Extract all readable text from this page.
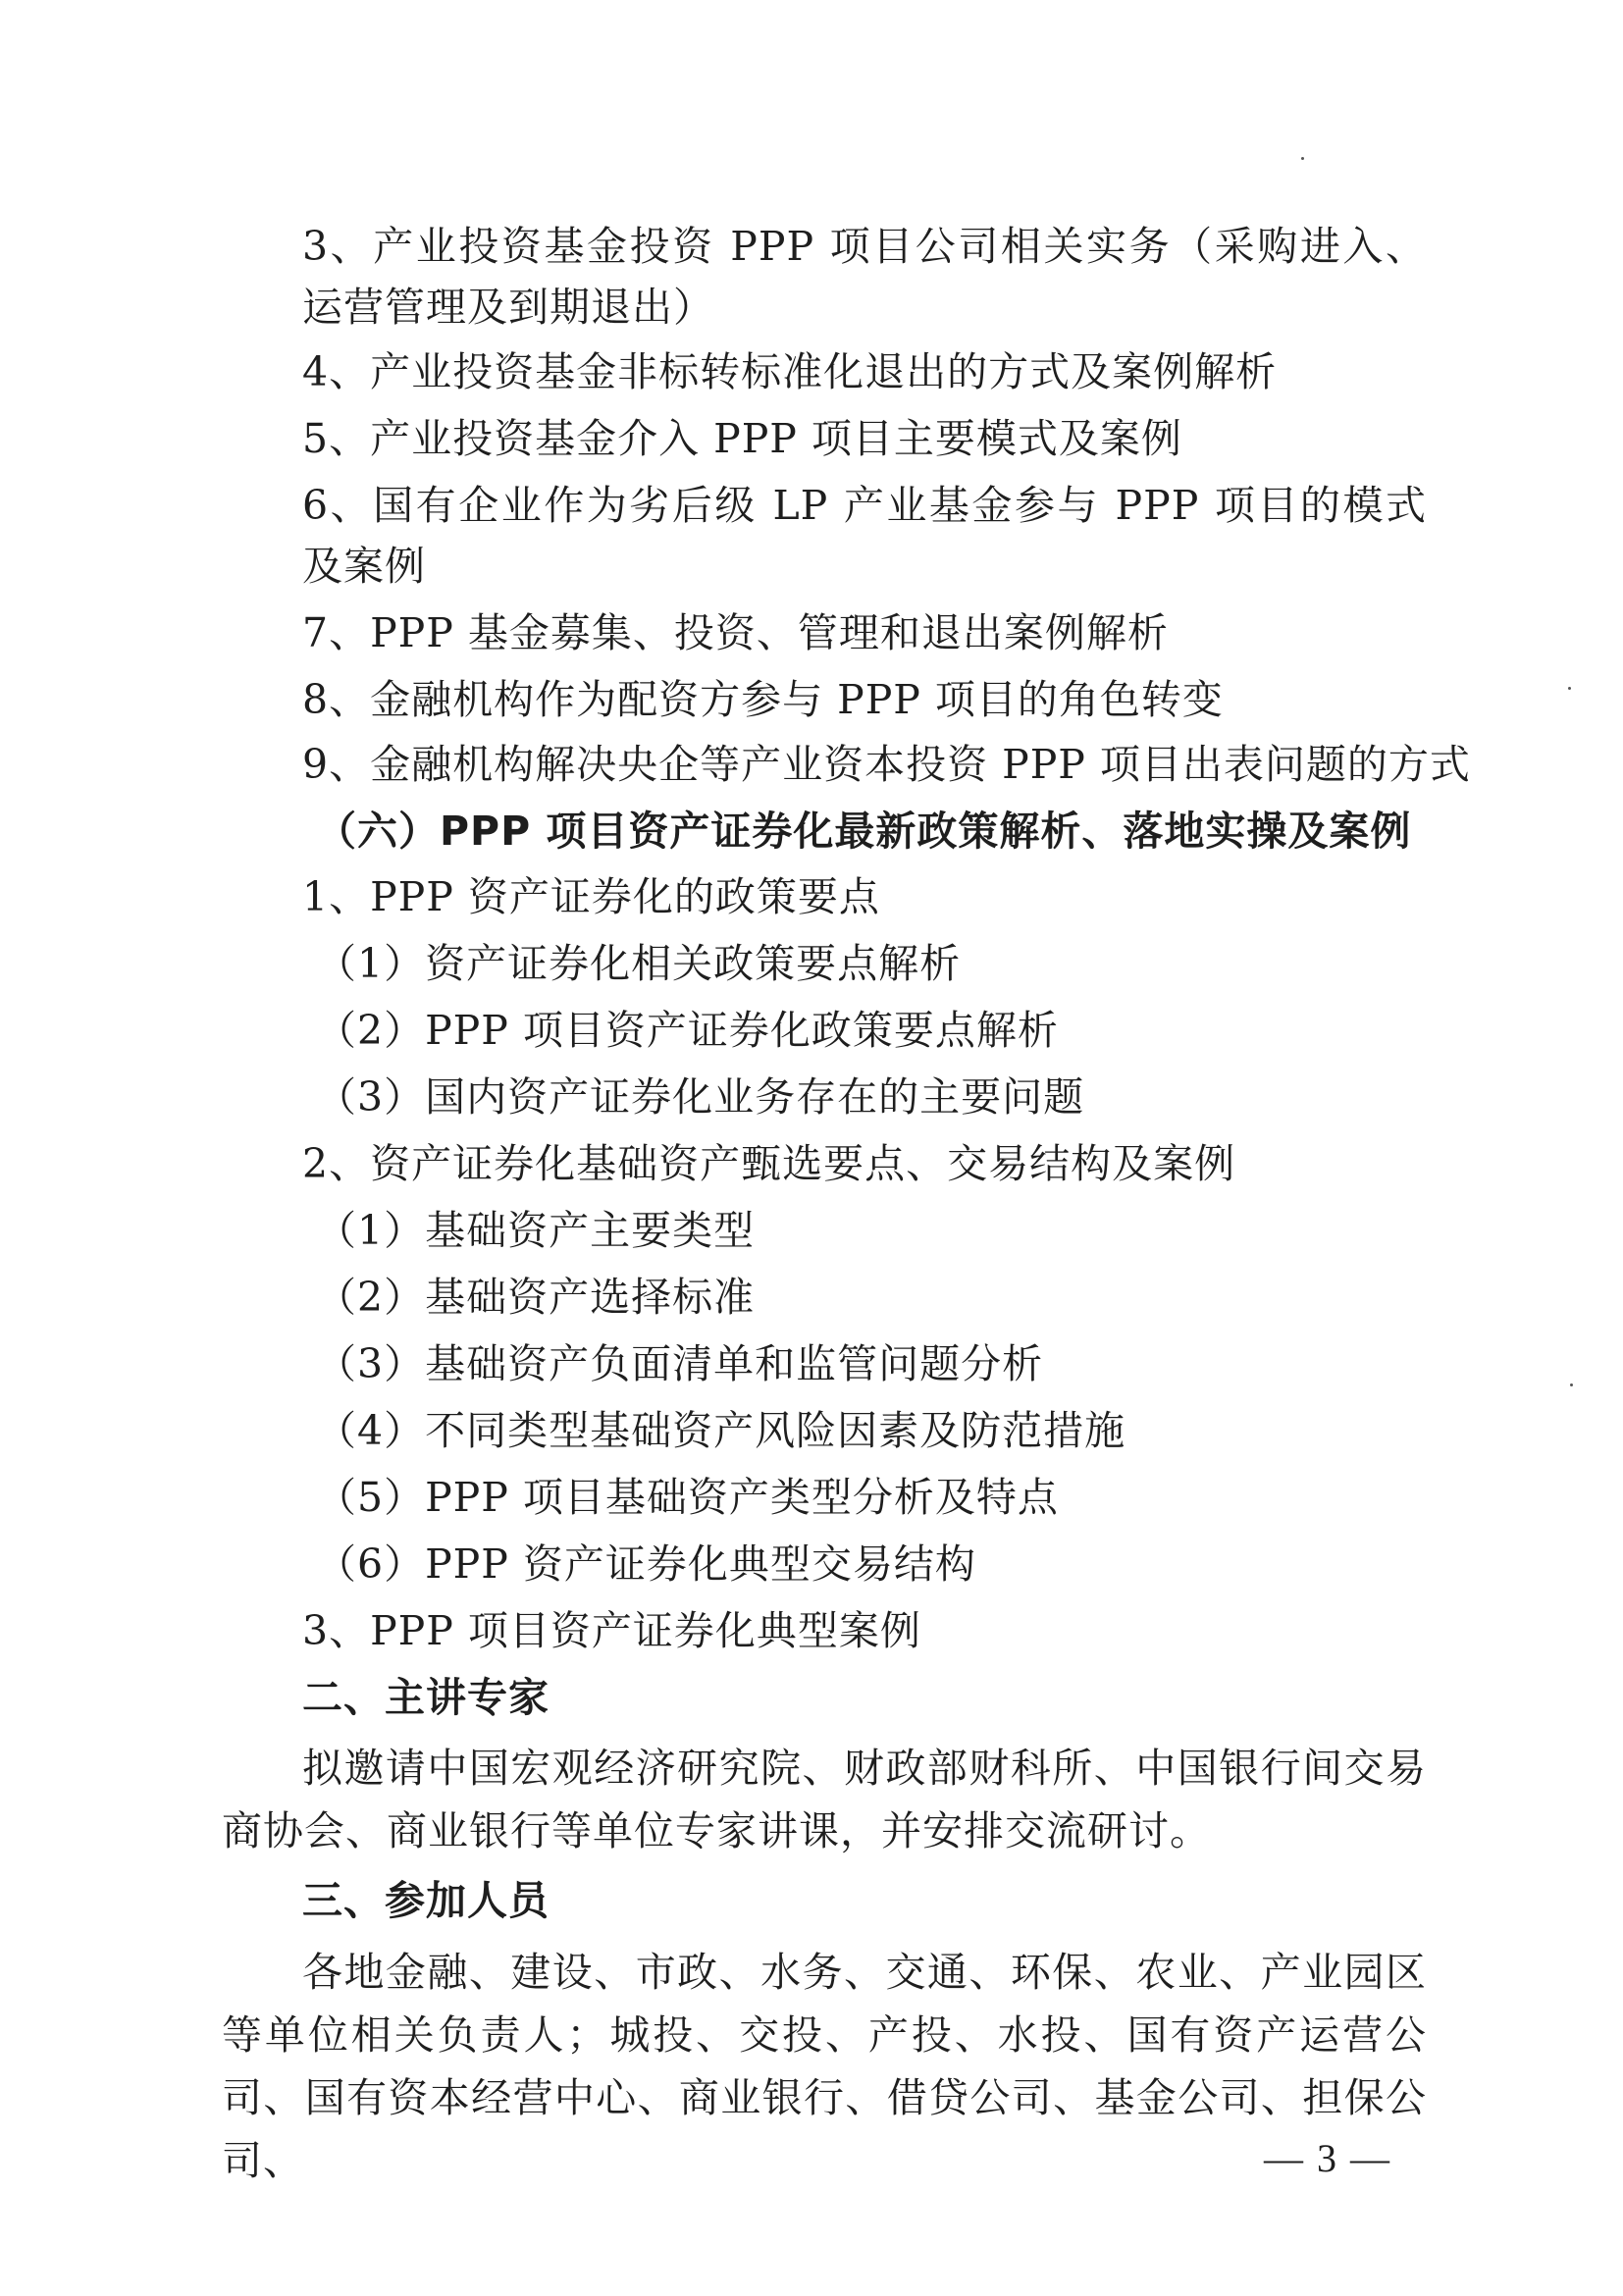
3、产业投资基金投资 PPP 项目公司相关实务（采购进入、运营管理及到期退出）

4、产业投资基金非标转标准化退出的方式及案例解析

5、产业投资基金介入 PPP 项目主要模式及案例

6、国有企业作为劣后级 LP 产业基金参与 PPP 项目的模式及案例

7、PPP 基金募集、投资、管理和退出案例解析

8、金融机构作为配资方参与 PPP 项目的角色转变

9、金融机构解决央企等产业资本投资 PPP 项目出表问题的方式

（六）PPP 项目资产证券化最新政策解析、落地实操及案例

1、PPP 资产证券化的政策要点

（1）资产证券化相关政策要点解析

（2）PPP 项目资产证券化政策要点解析

（3）国内资产证券化业务存在的主要问题

2、资产证券化基础资产甄选要点、交易结构及案例

（1）基础资产主要类型

（2）基础资产选择标准

（3）基础资产负面清单和监管问题分析

（4）不同类型基础资产风险因素及防范措施

（5）PPP 项目基础资产类型分析及特点

（6）PPP 资产证券化典型交易结构

3、PPP 项目资产证券化典型案例

二、主讲专家

拟邀请中国宏观经济研究院、财政部财科所、中国银行间交易商协会、商业银行等单位专家讲课，并安排交流研讨。

三、参加人员

各地金融、建设、市政、水务、交通、环保、农业、产业园区等单位相关负责人；城投、交投、产投、水投、国有资产运营公司、国有资本经营中心、商业银行、借贷公司、基金公司、担保公司、	— 3 —
